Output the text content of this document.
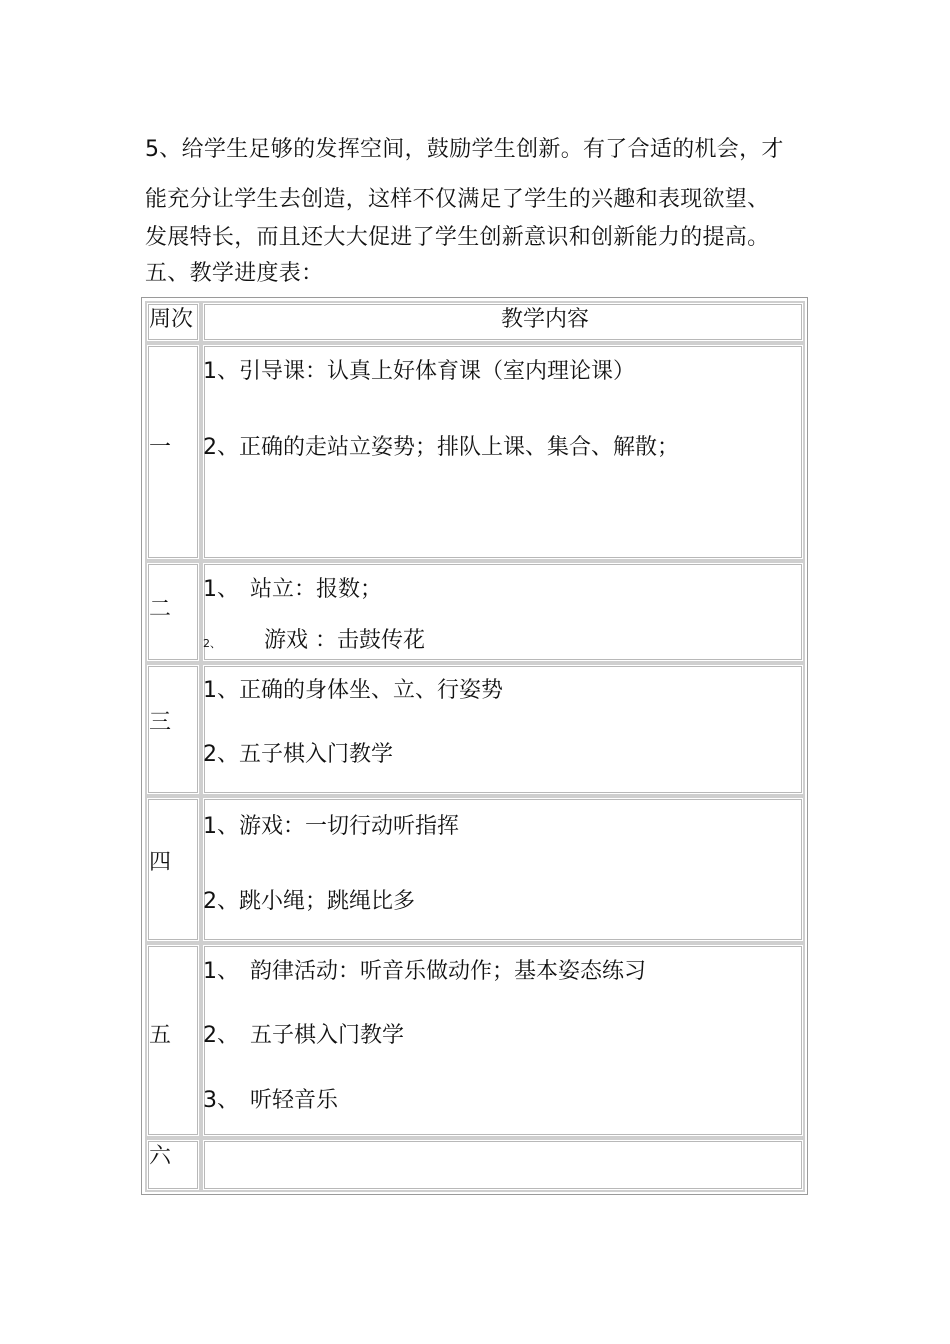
5、给学生足够的发挥空间，鼓励学生创新。有了合适的机会，才
能充分让学生去创造，这样不仅满足了学生的兴趣和表现欲望、
发展特长，而且还大大促进了学生创新意识和创新能力的提高。
五、教学进度表：
周次	教学内容
一
1、引导课：认真上好体育课（室内理论课）
2、正确的走站立姿势；排队上课、集合、解散；
二
1、　站立：报数；
2、 游戏 ：击鼓传花
三
1、正确的身体坐、立、行姿势
2、五子棋入门教学
四
1、游戏：一切行动听指挥
2、跳小绳；跳绳比多
五
1、　韵律活动：听音乐做动作；基本姿态练习
2、　五子棋入门教学
3、　听轻音乐
六
